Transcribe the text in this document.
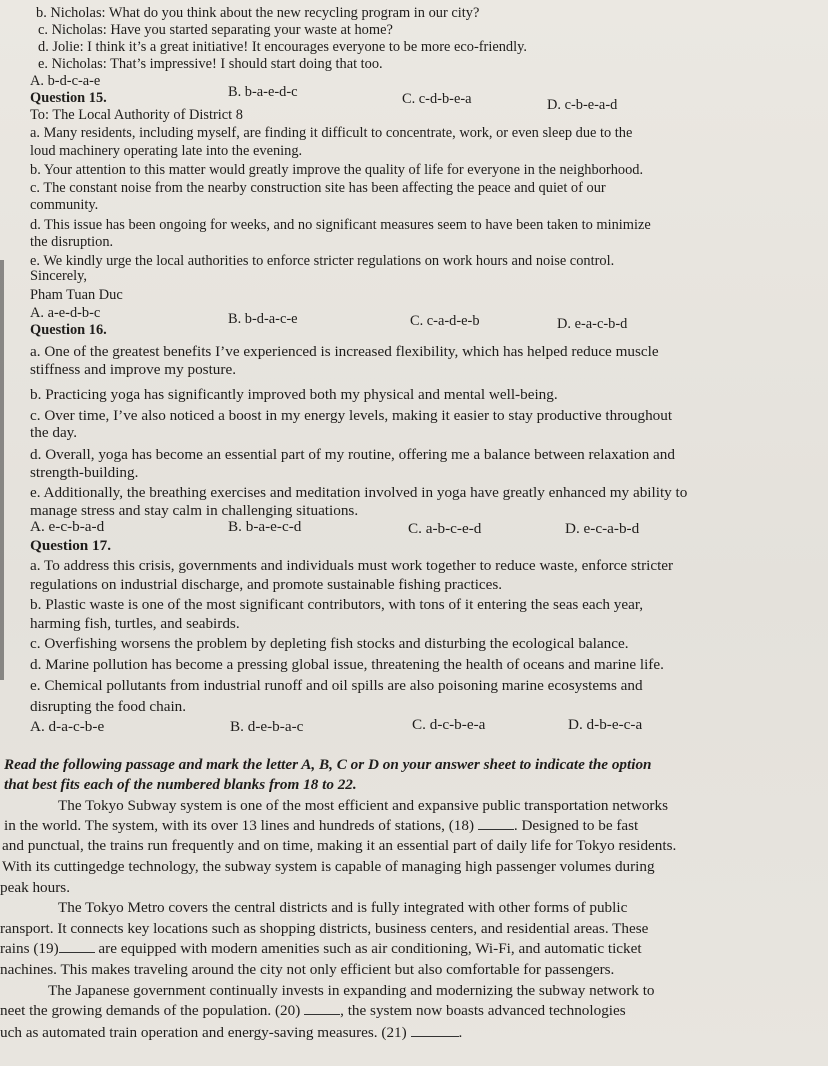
b. Nicholas: What do you think about the new recycling program in our city?
c. Nicholas: Have you started separating your waste at home?
d. Jolie: I think it’s a great initiative! It encourages everyone to be more eco-friendly.
e. Nicholas: That’s impressive! I should start doing that too.
A. b-d-c-a-e
B. b-a-e-d-c	C. c-d-b-e-a	D. c-b-e-a-d
Question 15.
To: The Local Authority of District 8
a. Many residents, including myself, are finding it difficult to concentrate, work, or even sleep due to the
loud machinery operating late into the evening.
b. Your attention to this matter would greatly improve the quality of life for everyone in the neighborhood.
c. The constant noise from the nearby construction site has been affecting the peace and quiet of our
community.
d. This issue has been ongoing for weeks, and no significant measures seem to have been taken to minimize
the disruption.
e. We kindly urge the local authorities to enforce stricter regulations on work hours and noise control.
Sincerely,
Pham Tuan Duc
A. a-e-d-b-c	B. b-d-a-c-e	C. c-a-d-e-b	D. e-a-c-b-d
Question 16.
a. One of the greatest benefits I’ve experienced is increased flexibility, which has helped reduce muscle
stiffness and improve my posture.
b. Practicing yoga has significantly improved both my physical and mental well-being.
c. Over time, I’ve also noticed a boost in my energy levels, making it easier to stay productive throughout
the day.
d. Overall, yoga has become an essential part of my routine, offering me a balance between relaxation and
strength-building.
e. Additionally, the breathing exercises and meditation involved in yoga have greatly enhanced my ability to
manage stress and stay calm in challenging situations.
A. e-c-b-a-d	B. b-a-e-c-d	C. a-b-c-e-d	D. e-c-a-b-d
Question 17.
a. To address this crisis, governments and individuals must work together to reduce waste, enforce stricter
regulations on industrial discharge, and promote sustainable fishing practices.
b. Plastic waste is one of the most significant contributors, with tons of it entering the seas each year,
harming fish, turtles, and seabirds.
c. Overfishing worsens the problem by depleting fish stocks and disturbing the ecological balance.
d. Marine pollution has become a pressing global issue, threatening the health of oceans and marine life.
e. Chemical pollutants from industrial runoff and oil spills are also poisoning marine ecosystems and
disrupting the food chain.
A. d-a-c-b-e	B. d-e-b-a-c	C. d-c-b-e-a	D. d-b-e-c-a
Read the following passage and mark the letter A, B, C or D on your answer sheet to indicate the option
that best fits each of the numbered blanks from 18 to 22.
The Tokyo Subway system is one of the most efficient and expansive public transportation networks
in the world. The system, with its over 13 lines and hundreds of stations, (18)	. Designed to be fast
and punctual, the trains run frequently and on time, making it an essential part of daily life for Tokyo residents.
With its cuttingedge technology, the subway system is capable of managing high passenger volumes during
peak hours.
The Tokyo Metro covers the central districts and is fully integrated with other forms of public
ransport. It connects key locations such as shopping districts, business centers, and residential areas. These
rains (19) are equipped with modern amenities such as air conditioning, Wi-Fi, and automatic ticket
nachines. This makes traveling around the city not only efficient but also comfortable for passengers.
The Japanese government continually invests in expanding and modernizing the subway network to
neet the growing demands of the population. (20)	, the system now boasts advanced technologies
uch as automated train operation and energy-saving measures. (21)	.
